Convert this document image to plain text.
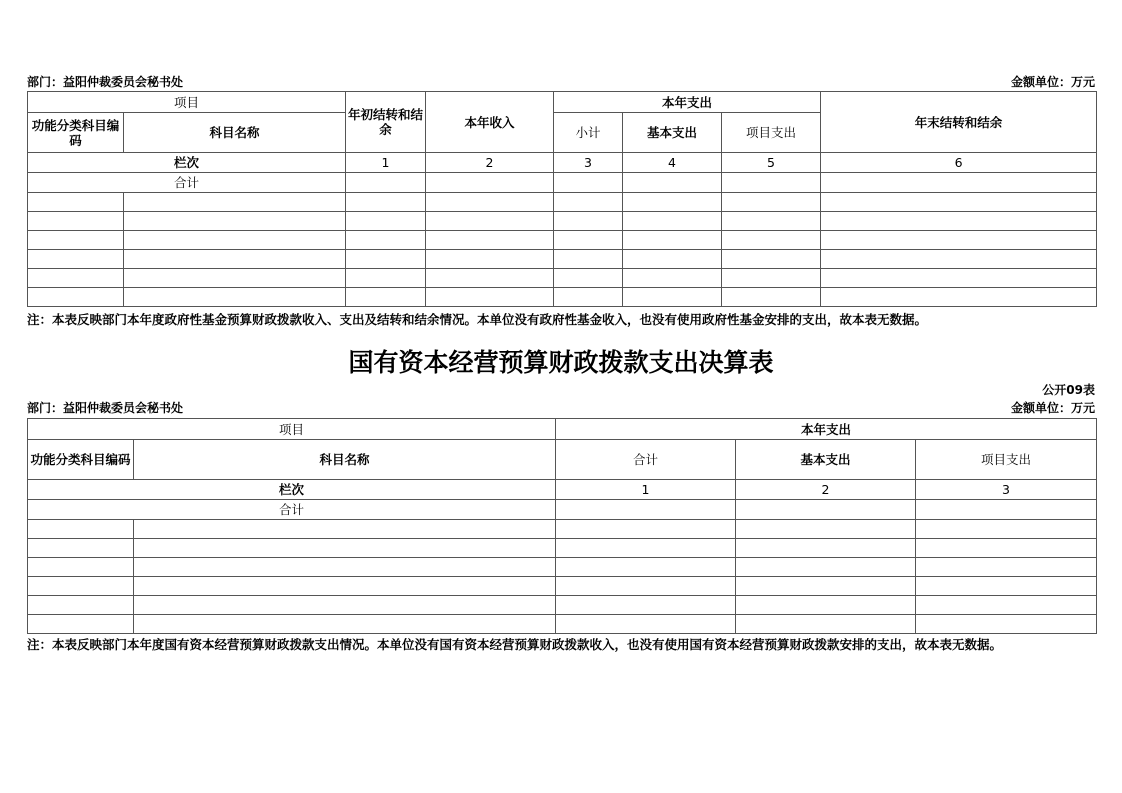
部门：益阳仲裁委员会秘书处	金额单位：万元
项目		年初结转和结余	本年收入	本年支出			年末结转和结余
功能分类科目编码	科目名称			小计	基本支出	项目支出	
栏次		1	2	3	4	5	6
合计							

注：本表反映部门本年度政府性基金预算财政拨款收入、支出及结转和结余情况。本单位没有政府性基金收入，也没有使用政府性基金安排的支出，故本表无数据。
国有资本经营预算财政拨款支出决算表
公开09表
部门：益阳仲裁委员会秘书处	金额单位：万元
项目		本年支出		
功能分类科目编码	科目名称	合计	基本支出	项目支出
栏次		1	2	3
合计				

注：本表反映部门本年度国有资本经营预算财政拨款支出情况。本单位没有国有资本经营预算财政拨款收入，也没有使用国有资本经营预算财政拨款安排的支出，故本表无数据。
